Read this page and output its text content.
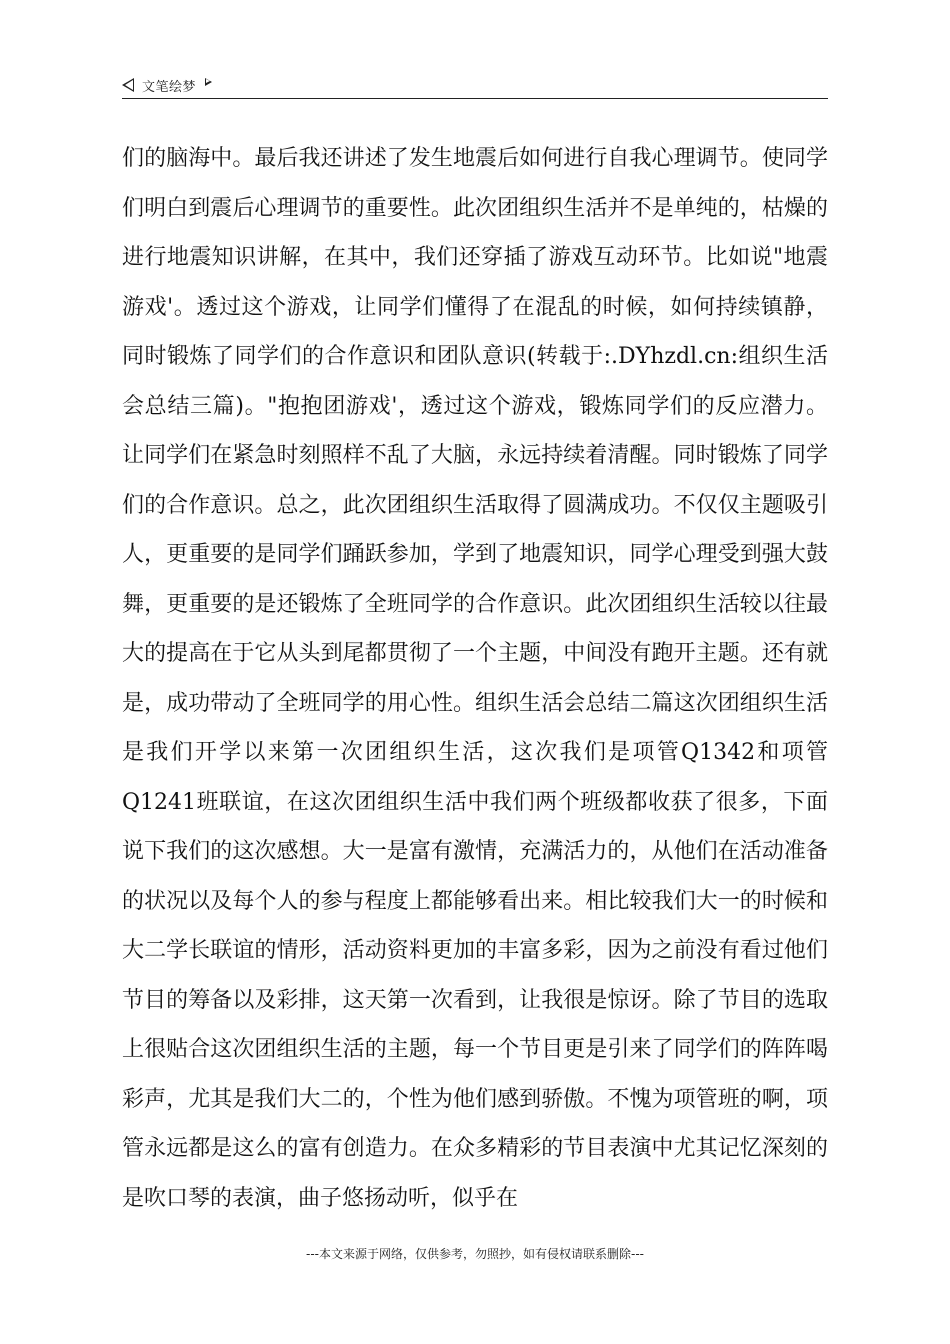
文笔绘梦

们的脑海中。最后我还讲述了发生地震后如何进行自我心理调节。使同学们明白到震后心理调节的重要性。此次团组织生活并不是单纯的，枯燥的进行地震知识讲解，在其中，我们还穿插了游戏互动环节。比如说"地震游戏'。透过这个游戏，让同学们懂得了在混乱的时候，如何持续镇静，同时锻炼了同学们的合作意识和团队意识(转载于:.DYhzdl.cn:组织生活会总结三篇)。"抱抱团游戏'，透过这个游戏，锻炼同学们的反应潜力。让同学们在紧急时刻照样不乱了大脑，永远持续着清醒。同时锻炼了同学们的合作意识。总之，此次团组织生活取得了圆满成功。不仅仅主题吸引人，更重要的是同学们踊跃参加，学到了地震知识，同学心理受到强大鼓舞，更重要的是还锻炼了全班同学的合作意识。此次团组织生活较以往最大的提高在于它从头到尾都贯彻了一个主题，中间没有跑开主题。还有就是，成功带动了全班同学的用心性。组织生活会总结二篇这次团组织生活是我们开学以来第一次团组织生活，这次我们是项管Q1342和项管Q1241班联谊，在这次团组织生活中我们两个班级都收获了很多，下面说下我们的这次感想。大一是富有激情，充满活力的，从他们在活动准备的状况以及每个人的参与程度上都能够看出来。相比较我们大一的时候和大二学长联谊的情形，活动资料更加的丰富多彩，因为之前没有看过他们节目的筹备以及彩排，这天第一次看到，让我很是惊讶。除了节目的选取上很贴合这次团组织生活的主题，每一个节目更是引来了同学们的阵阵喝彩声，尤其是我们大二的，个性为他们感到骄傲。不愧为项管班的啊，项管永远都是这么的富有创造力。在众多精彩的节目表演中尤其记忆深刻的是吹口琴的表演，曲子悠扬动听，似乎在

---本文来源于网络，仅供参考，勿照抄，如有侵权请联系删除---
